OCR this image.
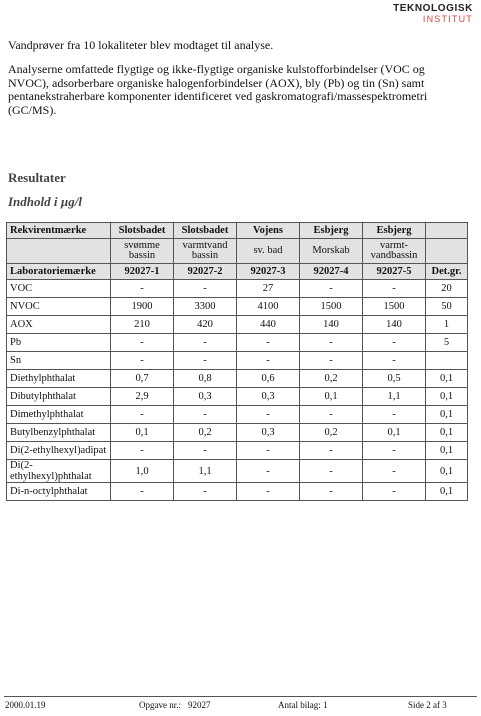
TEKNOLOGISK
INSTITUT

Vandprøver fra 10 lokaliteter blev modtaget til analyse.

Analyserne omfattede flygtige og ikke-flygtige organiske kulstofforbindelser (VOC og NVOC), adsorberbare organiske halogenforbindelser (AOX), bly (Pb) og tin (Sn) samt pentanekstraherbare komponenter identificeret ved gaskromatografi/massespektrometri (GC/MS).

Resultater
Indhold i µg/l
Rekvirentmærke	Slotsbadet	Slotsbadet	Vojens	Esbjerg	Esbjerg	
	svømme bassin	varmtvand bassin	sv. bad	Morskab	varmt-vandbassin	
Laboratoriemærke	92027-1	92027-2	92027-3	92027-4	92027-5	Det.gr.
VOC	-	-	27	-	-	20
NVOC	1900	3300	4100	1500	1500	50
AOX	210	420	440	140	140	1
Pb	-	-	-	-	-	5
Sn	-	-	-	-	-	
Diethylphthalat	0,7	0,8	0,6	0,2	0,5	0,1
Dibutylphthalat	2,9	0,3	0,3	0,1	1,1	0,1
Dimethylphthalat	-	-	-	-	-	0,1
Butylbenzylphthalat	0,1	0,2	0,3	0,2	0,1	0,1
Di(2-ethylhexyl)adipat	-	-	-	-	-	0,1
Di(2-ethylhexyl)phthalat	1,0	1,1	-	-	-	0,1
Di-n-octylphthalat	-	-	-	-	-	0,1
2000.01.19	Opgave nr.: 92027	Antal bilag: 1	Side 2 af 3
